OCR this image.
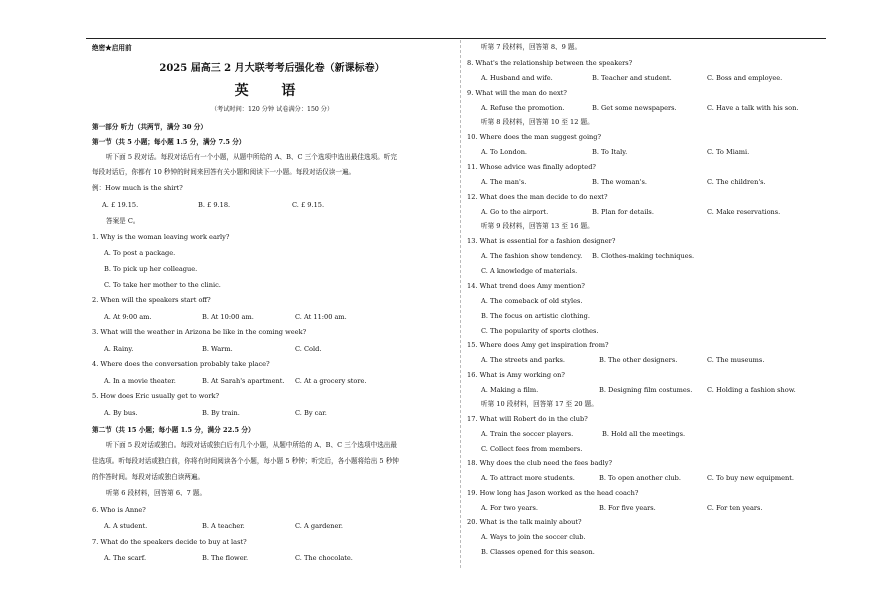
绝密★启用前
2025 届高三 2 月大联考考后强化卷（新课标卷）
英 语
（考试时间：120 分钟 试卷满分：150 分）
第一部分 听力（共两节，满分 30 分）
第一节（共 5 小题；每小题 1.5 分，满分 7.5 分）
听下面 5 段对话。每段对话后有一个小题，从题中所给的 A、B、C 三个选项中选出最佳选项。听完
每段对话后，你都有 10 秒钟的时间来回答有关小题和阅读下一小题。每段对话仅读一遍。
例：How much is the shirt?
A. £ 19.15.	B. £ 9.18.	C. £ 9.15.
答案是 C。
1. Why is the woman leaving work early?
A. To post a package.
B. To pick up her colleague.
C. To take her mother to the clinic.
2. When will the speakers start off?
A. At 9:00 am.	B. At 10:00 am.	C. At 11:00 am.
3. What will the weather in Arizona be like in the coming week?
A. Rainy.	B. Warm.	C. Cold.
4. Where does the conversation probably take place?
A. In a movie theater.	B. At Sarah's apartment. C. At a grocery store.
5. How does Eric usually get to work?
A. By bus.	B. By train.	C. By car.
第二节（共 15 小题；每小题 1.5 分，满分 22.5 分）
听下面 5 段对话或独白。每段对话或独白后有几个小题，从题中所给的 A、B、C 三个选项中选出最
佳选项。听每段对话或独白前，你将有时间阅读各个小题，每小题 5 秒钟；听完后，各小题将给出 5 秒钟
的作答时间。每段对话或独白读两遍。
听第 6 段材料，回答第 6、7 题。
6. Who is Anne?
A. A student.	B. A teacher.	C. A gardener.
7. What do the speakers decide to buy at last?
A. The scarf.	B. The flower.	C. The chocolate.
听第 7 段材料，回答第 8、9 题。
8. What's the relationship between the speakers?
A. Husband and wife.	B. Teacher and student.	C. Boss and employee.
9. What will the man do next?
A. Refuse the promotion.	B. Get some newspapers.	C. Have a talk with his son.
听第 8 段材料，回答第 10 至 12 题。
10. Where does the man suggest going?
A. To London.	B. To Italy.	C. To Miami.
11. Whose advice was finally adopted?
A. The man's.	B. The woman's.	C. The children's.
12. What does the man decide to do next?
A. Go to the airport.	B. Plan for details.	C. Make reservations.
听第 9 段材料，回答第 13 至 16 题。
13. What is essential for a fashion designer?
A. The fashion show tendency. B. Clothes-making techniques.
C. A knowledge of materials.
14. What trend does Amy mention?
A. The comeback of old styles.
B. The focus on artistic clothing.
C. The popularity of sports clothes.
15. Where does Amy get inspiration from?
A. The streets and parks.	B. The other designers.	C. The museums.
16. What is Amy working on?
A. Making a film.	B. Designing film costumes. C. Holding a fashion show.
听第 10 段材料，回答第 17 至 20 题。
17. What will Robert do in the club?
A. Train the soccer players.	B. Hold all the meetings.
C. Collect fees from members.
18. Why does the club need the fees badly?
A. To attract more students.	B. To open another club.	C. To buy new equipment.
19. How long has Jason worked as the head coach?
A. For two years.	B. For five years.	C. For ten years.
20. What is the talk mainly about?
A. Ways to join the soccer club.
B. Classes opened for this season.
